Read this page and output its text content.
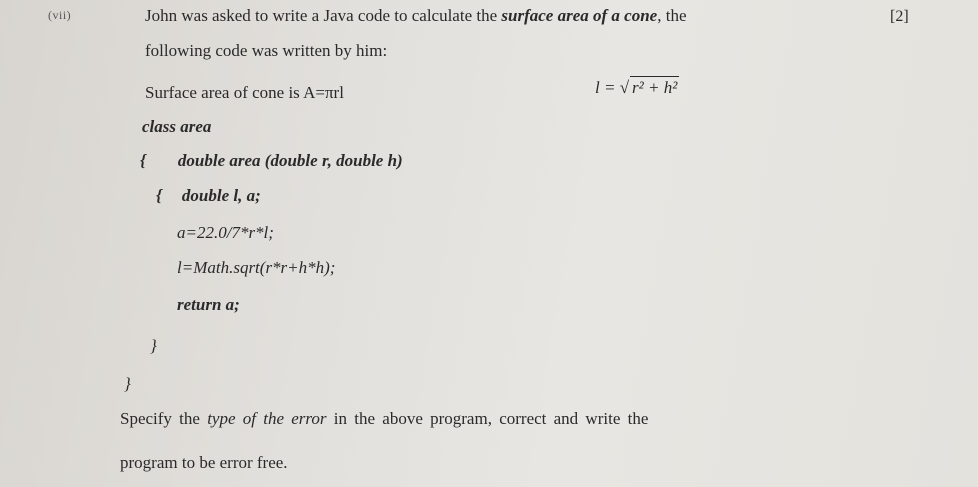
(vii)	[2]
John was asked to write a Java code to calculate the surface area of a cone, the
following code was written by him:
Surface area of cone is A=πrl	l = √ r² + h²
class area
{ double area (double r, double h)
{ double l, a;
a=22.0/7*r*l;
l=Math.sqrt(r*r+h*h);
return a;
}
}
Specify the type of the error in the above program, correct and write the
program to be error free.
